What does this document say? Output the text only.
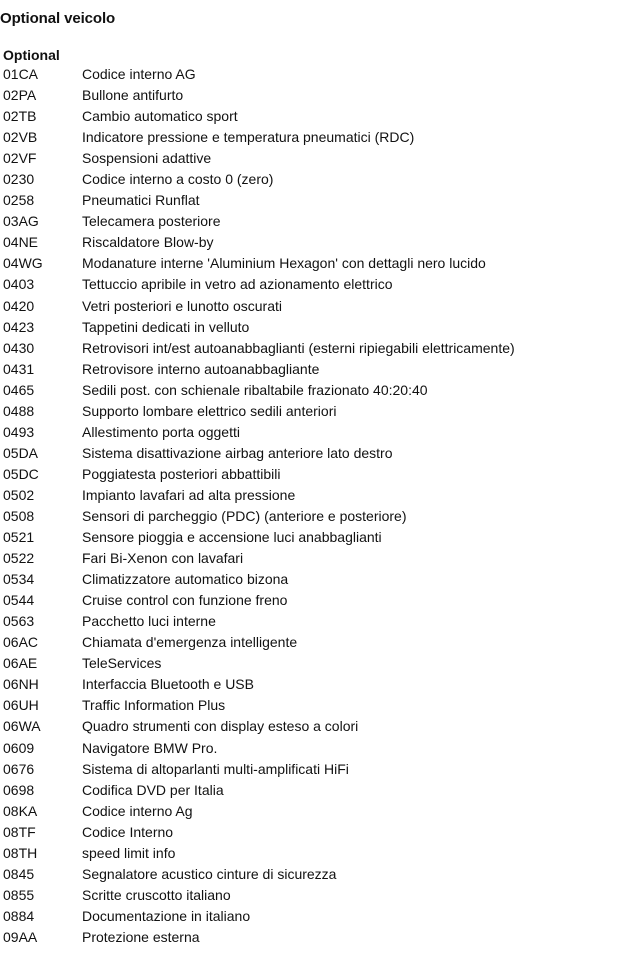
Optional veicolo
Optional
01CA	Codice interno AG
02PA	Bullone antifurto
02TB	Cambio automatico sport
02VB	Indicatore pressione e temperatura pneumatici (RDC)
02VF	Sospensioni adattive
0230	Codice interno a costo 0 (zero)
0258	Pneumatici Runflat
03AG	Telecamera posteriore
04NE	Riscaldatore Blow-by
04WG	Modanature interne 'Aluminium Hexagon' con dettagli nero lucido
0403	Tettuccio apribile in vetro ad azionamento elettrico
0420	Vetri posteriori e lunotto oscurati
0423	Tappetini dedicati in velluto
0430	Retrovisori int/est autoanabbaglianti (esterni ripiegabili elettricamente)
0431	Retrovisore interno autoanabbagliante
0465	Sedili post. con schienale ribaltabile frazionato 40:20:40
0488	Supporto lombare elettrico sedili anteriori
0493	Allestimento porta oggetti
05DA	Sistema disattivazione airbag anteriore lato destro
05DC	Poggiatesta posteriori abbattibili
0502	Impianto lavafari ad alta pressione
0508	Sensori di parcheggio (PDC) (anteriore e posteriore)
0521	Sensore pioggia e accensione luci anabbaglianti
0522	Fari Bi-Xenon con lavafari
0534	Climatizzatore automatico bizona
0544	Cruise control con funzione freno
0563	Pacchetto luci interne
06AC	Chiamata d'emergenza intelligente
06AE	TeleServices
06NH	Interfaccia Bluetooth e USB
06UH	Traffic Information Plus
06WA	Quadro strumenti con display esteso a colori
0609	Navigatore BMW Pro.
0676	Sistema di altoparlanti multi-amplificati HiFi
0698	Codifica DVD per Italia
08KA	Codice interno Ag
08TF	Codice Interno
08TH	speed limit info
0845	Segnalatore acustico cinture di sicurezza
0855	Scritte cruscotto italiano
0884	Documentazione in italiano
09AA	Protezione esterna
